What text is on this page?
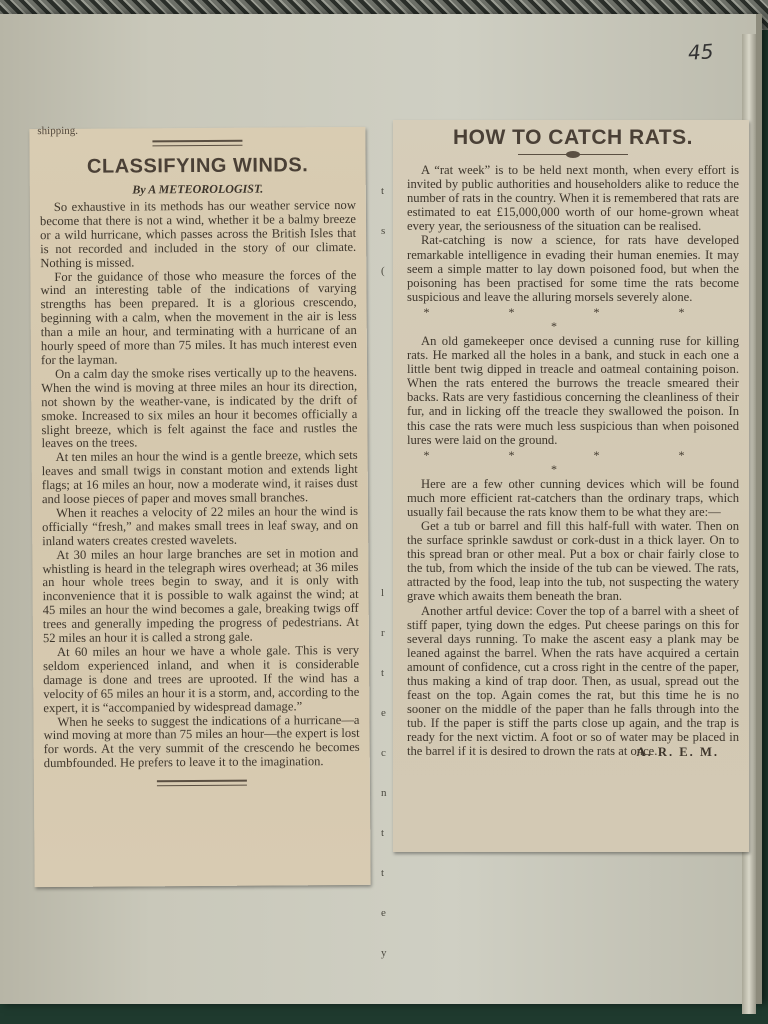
45
shipping.
CLASSIFYING WINDS.
By A METEOROLOGIST.

So exhaustive in its methods has our weather service now become that there is not a wind, whether it be a balmy breeze or a wild hurricane, which passes across the British Isles that is not recorded and included in the story of our climate. Nothing is missed.

For the guidance of those who measure the forces of the wind an interesting table of the indications of varying strengths has been prepared. It is a glorious crescendo, beginning with a calm, when the movement in the air is less than a mile an hour, and terminating with a hurricane of an hourly speed of more than 75 miles. It has much interest even for the layman.

On a calm day the smoke rises vertically up to the heavens. When the wind is moving at three miles an hour its direction, not shown by the weather-vane, is indicated by the drift of smoke. Increased to six miles an hour it becomes officially a slight breeze, which is felt against the face and rustles the leaves on the trees.

At ten miles an hour the wind is a gentle breeze, which sets leaves and small twigs in constant motion and extends light flags; at 16 miles an hour, now a moderate wind, it raises dust and loose pieces of paper and moves small branches.

When it reaches a velocity of 22 miles an hour the wind is officially “fresh,” and makes small trees in leaf sway, and on inland waters creates crested wavelets.

At 30 miles an hour large branches are set in motion and whistling is heard in the telegraph wires overhead; at 36 miles an hour whole trees begin to sway, and it is only with inconvenience that it is possible to walk against the wind; at 45 miles an hour the wind becomes a gale, breaking twigs off trees and generally impeding the progress of pedestrians. At 52 miles an hour it is called a strong gale.

At 60 miles an hour we have a whole gale. This is very seldom experienced inland, and when it is considerable damage is done and trees are uprooted. If the wind has a velocity of 65 miles an hour it is a storm, and, according to the expert, it is “accompanied by widespread damage.”

When he seeks to suggest the indications of a hurricane—a wind moving at more than 75 miles an hour—the expert is lost for words. At the very summit of the crescendo he becomes dumbfounded. He prefers to leave it to the imagination.

t
s
(
l
r
t
e
c
n
t
t
e
y
HOW TO CATCH RATS.

A “rat week” is to be held next month, when every effort is invited by public authorities and householders alike to reduce the number of rats in the country. When it is remembered that rats are estimated to eat £15,000,000 worth of our home-grown wheat every year, the seriousness of the situation can be realised.

Rat-catching is now a science, for rats have developed remarkable intelligence in evading their human enemies. It may seem a simple matter to lay down poisoned food, but when the poisoning has been practised for some time the rats become suspicious and leave the alluring morsels severely alone.

* * * * *

An old gamekeeper once devised a cunning ruse for killing rats. He marked all the holes in a bank, and stuck in each one a little bent twig dipped in treacle and oatmeal containing poison. When the rats entered the burrows the treacle smeared their backs. Rats are very fastidious concerning the cleanliness of their fur, and in licking off the treacle they swallowed the poison. In this case the rats were much less suspicious than when poisoned lures were laid on the ground.

* * * * *

Here are a few other cunning devices which will be found much more efficient rat-catchers than the ordinary traps, which usually fail because the rats know them to be what they are:—

Get a tub or barrel and fill this half-full with water. Then on the surface sprinkle sawdust or cork-dust in a thick layer. On to this spread bran or other meal. Put a box or chair fairly close to the tub, from which the inside of the tub can be viewed. The rats, attracted by the food, leap into the tub, not suspecting the watery grave which awaits them beneath the bran.

Another artful device: Cover the top of a barrel with a sheet of stiff paper, tying down the edges. Put cheese parings on this for several days running. To make the ascent easy a plank may be leaned against the barrel. When the rats have acquired a certain amount of confidence, cut a cross right in the centre of the paper, thus making a kind of trap door. Then, as usual, spread out the feast on the top. Again comes the rat, but this time he is no sooner on the middle of the paper than he falls through into the tub. If the paper is stiff the parts close up again, and the trap is ready for the next victim. A foot or so of water may be placed in the barrel if it is desired to drown the rats at once.

A. R. E. M.
